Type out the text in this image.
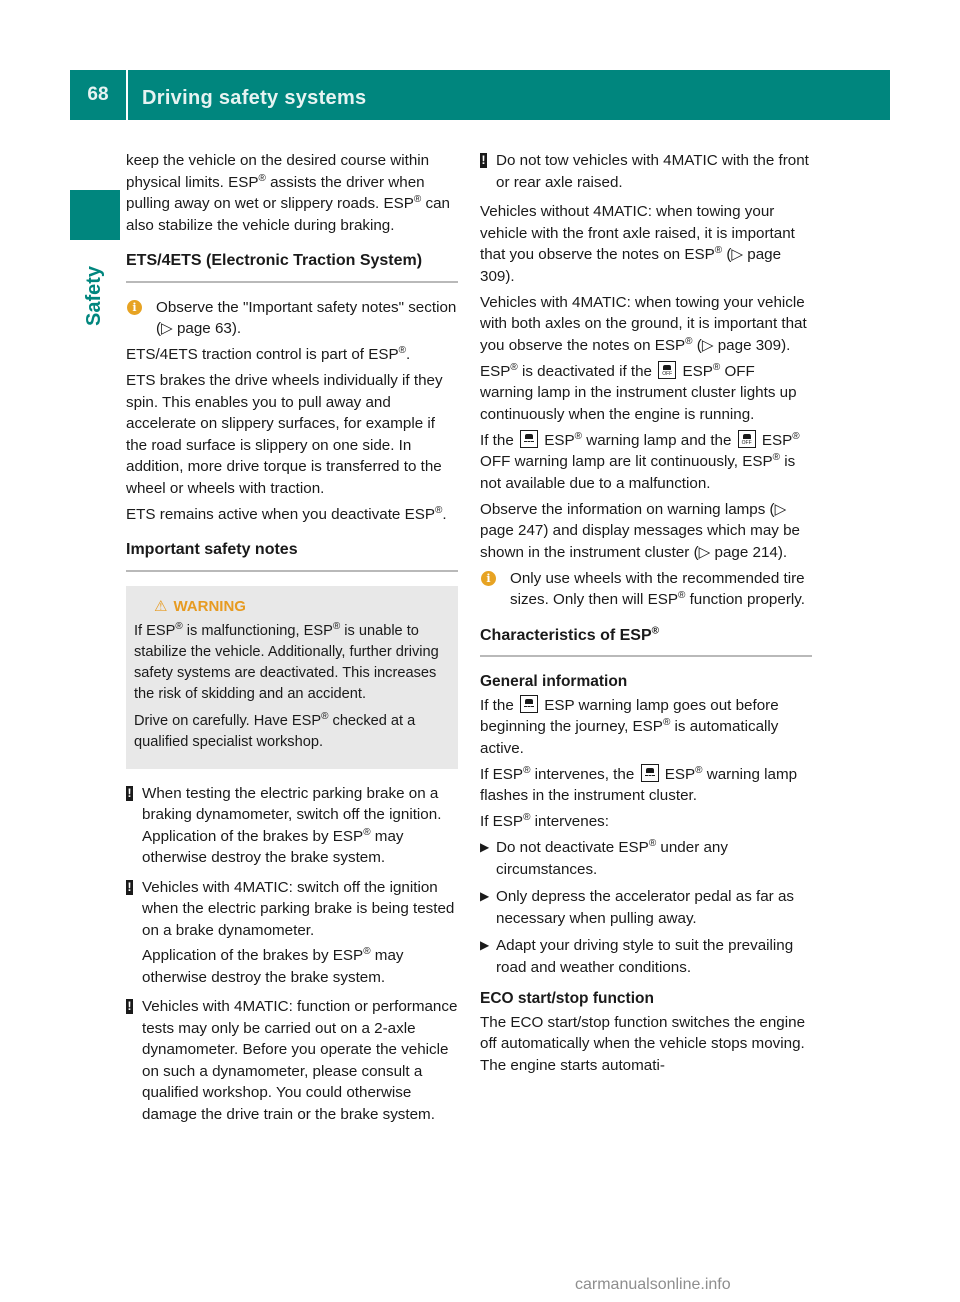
68	Driving safety systems
Safety

keep the vehicle on the desired course within physical limits. ESP® assists the driver when pulling away on wet or slippery roads. ESP® can also stabilize the vehicle during braking.

ETS/4ETS (Electronic Traction System)
i	Observe the "Important safety notes" section (▷ page 63).

ETS/4ETS traction control is part of ESP®.

ETS brakes the drive wheels individually if they spin. This enables you to pull away and accelerate on slippery surfaces, for example if the road surface is slippery on one side. In addition, more drive torque is transferred to the wheel or wheels with traction.

ETS remains active when you deactivate ESP®.

Important safety notes
⚠ WARNING

If ESP® is malfunctioning, ESP® is unable to stabilize the vehicle. Additionally, further driving safety systems are deactivated. This increases the risk of skidding and an accident.

Drive on carefully. Have ESP® checked at a qualified specialist workshop.

! When testing the electric parking brake on a braking dynamometer, switch off the ignition. Application of the brakes by ESP® may otherwise destroy the brake system.

! Vehicles with 4MATIC: switch off the ignition when the electric parking brake is being tested on a brake dynamometer.

Application of the brakes by ESP® may otherwise destroy the brake system.

! Vehicles with 4MATIC: function or performance tests may only be carried out on a 2-axle dynamometer. Before you operate the vehicle on such a dynamometer, please consult a qualified workshop. You could otherwise damage the drive train or the brake system.

! Do not tow vehicles with 4MATIC with the front or rear axle raised.

Vehicles without 4MATIC: when towing your vehicle with the front axle raised, it is important that you observe the notes on ESP® (▷ page 309).

Vehicles with 4MATIC: when towing your vehicle with both axles on the ground, it is important that you observe the notes on ESP® (▷ page 309).

ESP® is deactivated if the OFF ESP® OFF warning lamp in the instrument cluster lights up continuously when the engine is running.

If the  ESP® warning lamp and the OFF ESP® OFF warning lamp are lit continuously, ESP® is not available due to a malfunction.

Observe the information on warning lamps (▷ page 247) and display messages which may be shown in the instrument cluster (▷ page 214).

i	Only use wheels with the recommended tire sizes. Only then will ESP® function properly.
Characteristics of ESP®
General information

If the  ESP warning lamp goes out before beginning the journey, ESP® is automatically active.

If ESP® intervenes, the  ESP® warning lamp flashes in the instrument cluster.

If ESP® intervenes:

▶ Do not deactivate ESP® under any circumstances.
▶ Only depress the accelerator pedal as far as necessary when pulling away.
▶ Adapt your driving style to suit the prevailing road and weather conditions.
ECO start/stop function

The ECO start/stop function switches the engine off automatically when the vehicle stops moving. The engine starts automati-

carmanualsonline.info
